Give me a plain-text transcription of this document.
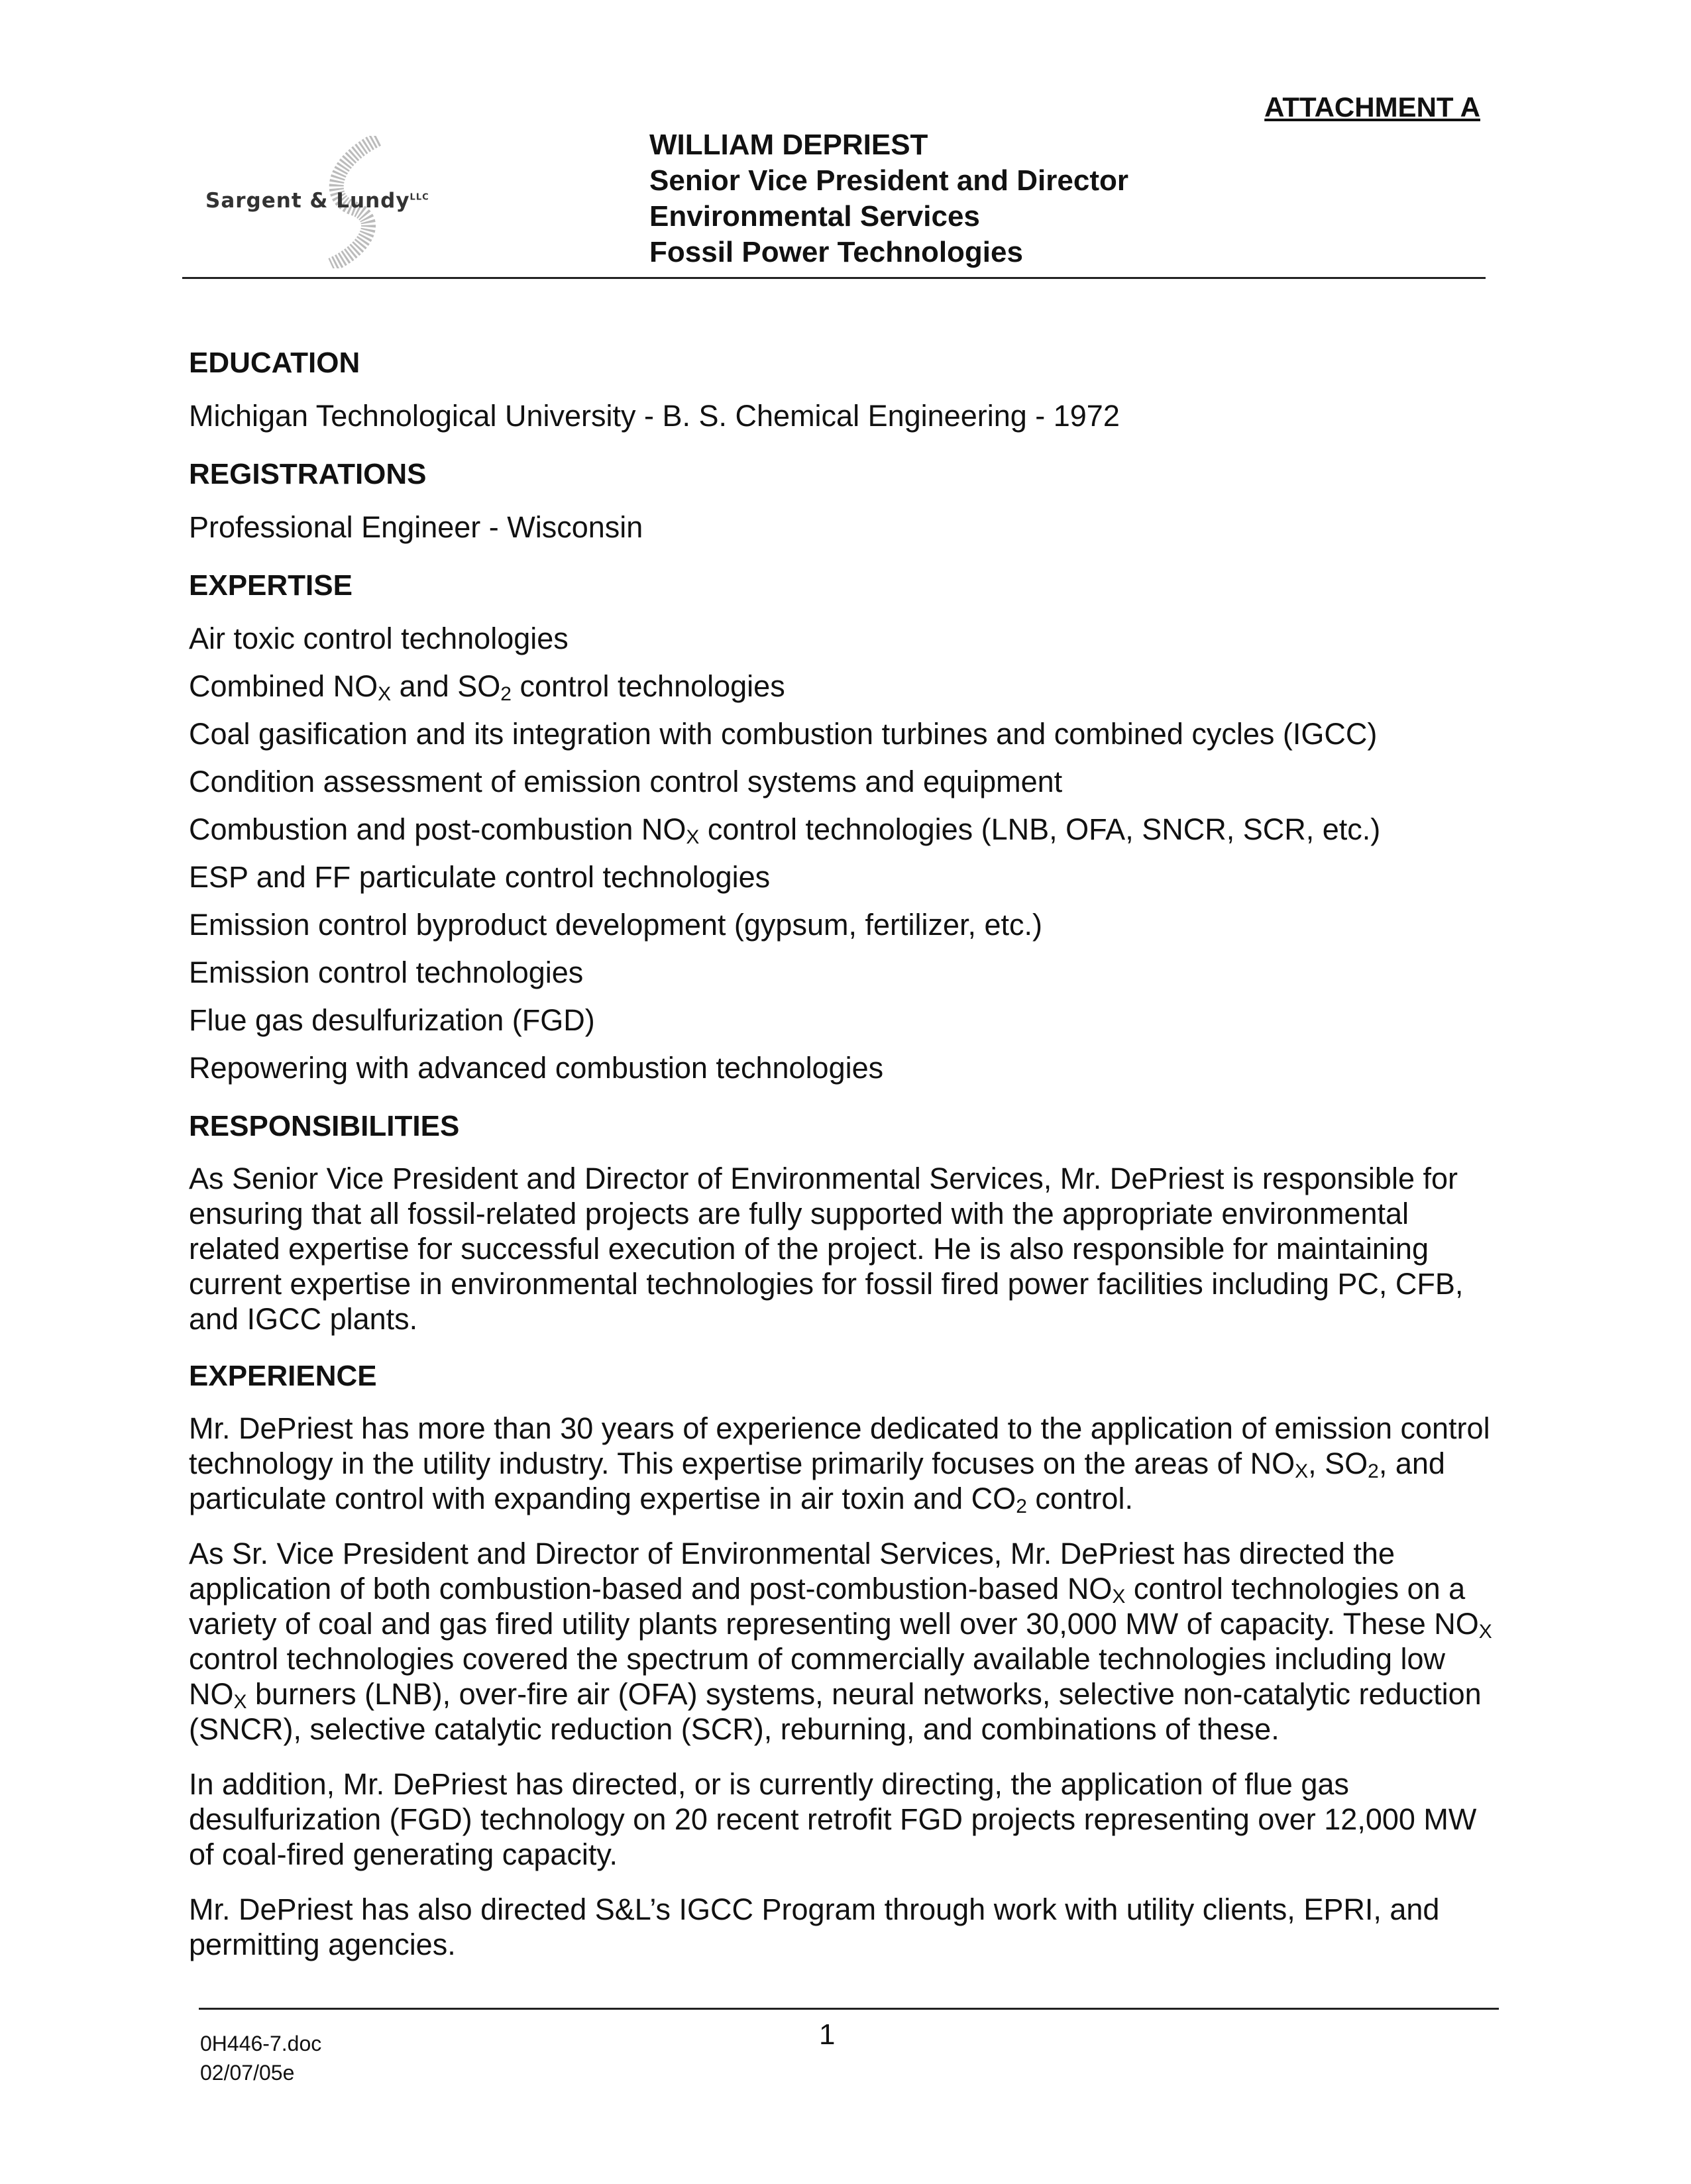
ATTACHMENT A
Sargent & Lundy$^{LLC}$
WILLIAM DEPRIEST
Senior Vice President and Director
Environmental Services
Fossil Power Technologies
EDUCATION
Michigan Technological University - B. S. Chemical Engineering - 1972
REGISTRATIONS
Professional Engineer - Wisconsin
EXPERTISE
Air toxic control technologies
Combined $NO_X$ and $SO_2$ control technologies
Coal gasification and its integration with combustion turbines and combined cycles (IGCC)
Condition assessment of emission control systems and equipment
Combustion and post-combustion $NO_X$ control technologies (LNB, OFA, SNCR, SCR, etc.)
ESP and FF particulate control technologies
Emission control byproduct development (gypsum, fertilizer, etc.)
Emission control technologies
Flue gas desulfurization (FGD)
Repowering with advanced combustion technologies
RESPONSIBILITIES
As Senior Vice President and Director of Environmental Services, Mr. DePriest is responsible for ensuring that all fossil-related projects are fully supported with the appropriate environmental related expertise for successful execution of the project. He is also responsible for maintaining current expertise in environmental technologies for fossil fired power facilities including PC, CFB, and IGCC plants.
EXPERIENCE
Mr. DePriest has more than 30 years of experience dedicated to the application of emission control technology in the utility industry. This expertise primarily focuses on the areas of $NO_X$, $SO_2$, and particulate control with expanding expertise in air toxin and $CO_2$ control.
As Sr. Vice President and Director of Environmental Services, Mr. DePriest has directed the application of both combustion-based and post-combustion-based $NO_X$ control technologies on a variety of coal and gas fired utility plants representing well over 30,000 MW of capacity. These $NO_X$ control technologies covered the spectrum of commercially available technologies including low $NO_X$ burners (LNB), over-fire air (OFA) systems, neural networks, selective non-catalytic reduction (SNCR), selective catalytic reduction (SCR), reburning, and combinations of these.
In addition, Mr. DePriest has directed, or is currently directing, the application of flue gas desulfurization (FGD) technology on 20 recent retrofit FGD projects representing over 12,000 MW of coal-fired generating capacity.
Mr. DePriest has also directed S&L’s IGCC Program through work with utility clients, EPRI, and permitting agencies.
0H446-7.doc
02/07/05e
1
